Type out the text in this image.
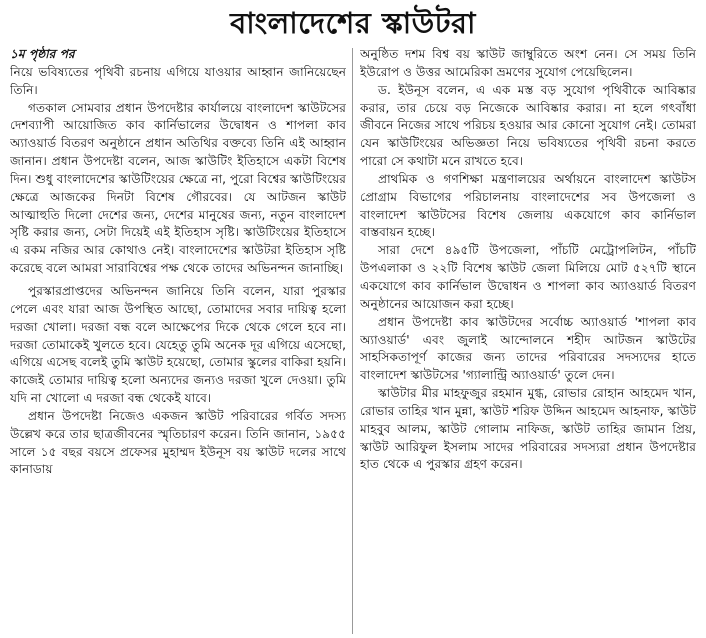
বাংলাদেশের স্কাউটরা
১ম পৃষ্ঠার পর

নিয়ে ভবিষ্যতের পৃথিবী রচনায় এগিয়ে যাওয়ার আহ্বান জানিয়েছেন তিনি।

গতকাল সোমবার প্রধান উপদেষ্টার কার্যালয়ে বাংলাদেশ স্কাউটসের দেশব্যাপী আয়োজিত কাব কার্নিভালের উদ্বোধন ও শাপলা কাব অ্যাওয়ার্ড বিতরণ অনুষ্ঠানে প্রধান অতিথির বক্তব্যে তিনি এই আহ্বান জানান। প্রধান উপদেষ্টা বলেন, আজ স্কাউটিং ইতিহাসে একটা বিশেষ দিন। শুধু বাংলাদেশের স্কাউটিংয়ের ক্ষেত্রে না, পুরো বিশ্বের স্কাউটিংয়ের ক্ষেত্রে আজকের দিনটা বিশেষ গৌরবের। যে আটজন স্কাউট আত্মাহুতি দিলো দেশের জন্য, দেশের মানুষের জন্য, নতুন বাংলাদেশ সৃষ্টি করার জন্য, সেটা দিয়েই এই ইতিহাস সৃষ্টি। স্কাউটিংয়ের ইতিহাসে এ রকম নজির আর কোথাও নেই। বাংলাদেশের স্কাউটরা ইতিহাস সৃষ্টি করেছে বলে আমরা সারাবিশ্বের পক্ষ থেকে তাদের অভিনন্দন জানাচ্ছি।

পুরস্কারপ্রাপ্তদের অভিনন্দন জানিয়ে তিনি বলেন, যারা পুরস্কার পেলে এবং যারা আজ উপস্থিত আছো, তোমাদের সবার দায়িত্ব হলো দরজা খোলা। দরজা বন্ধ বলে আক্ষেপের দিকে থেকে গেলে হবে না। দরজা তোমাকেই খুলতে হবে। যেহেতু তুমি অনেক দূর এগিয়ে এসেছো, এগিয়ে এসেছ বলেই তুমি স্কাউট হয়েছো, তোমার স্কুলের বাকিরা হয়নি। কাজেই তোমার দায়িত্ব হলো অন্যদের জন্যও দরজা খুলে দেওয়া। তুমি যদি না খোলো এ দরজা বন্ধ থেকেই যাবে।

প্রধান উপদেষ্টা নিজেও একজন স্কাউট পরিবারের গর্বিত সদস্য উল্লেখ করে তার ছাত্রজীবনের স্মৃতিচারণ করেন। তিনি জানান, ১৯৫৫ সালে ১৫ বছর বয়সে প্রফেসর মুহাম্মদ ইউনূস বয় স্কাউট দলের সাথে কানাডায়

অনুষ্ঠিত দশম বিশ্ব বয় স্কাউট জাম্বুরিতে অংশ নেন। সে সময় তিনি ইউরোপ ও উত্তর আমেরিকা ভ্রমণের সুযোগ পেয়েছিলেন।

ড. ইউনূস বলেন, এ এক মস্ত বড় সুযোগ পৃথিবীকে আবিষ্কার করার, তার চেয়ে বড় নিজেকে আবিষ্কার করার। না হলে গৎবাঁধা জীবনে নিজের সাথে পরিচয় হওয়ার আর কোনো সুযোগ নেই। তোমরা যেন স্কাউটিংয়ের অভিজ্ঞতা নিয়ে ভবিষ্যতের পৃথিবী রচনা করতে পারো সে কথাটা মনে রাখতে হবে।

প্রাথমিক ও গণশিক্ষা মন্ত্রণালয়ের অর্থায়নে বাংলাদেশ স্কাউটস প্রোগ্রাম বিভাগের পরিচালনায় বাংলাদেশের সব উপজেলা ও বাংলাদেশ স্কাউটসের বিশেষ জেলায় একযোগে কাব কার্নিভাল বাস্তবায়ন হচ্ছে।

সারা দেশে ৪৯৫টি উপজেলা, পাঁচটি মেট্রোপলিটন, পাঁচটি উপএলাকা ও ২২টি বিশেষ স্কাউট জেলা মিলিয়ে মোট ৫২৭টি স্থানে একযোগে কাব কার্নিভাল উদ্বোধন ও শাপলা কাব অ্যাওয়ার্ড বিতরণ অনুষ্ঠানের আয়োজন করা হচ্ছে।

প্রধান উপদেষ্টা কাব স্কাউটদের সর্বোচ্চ অ্যাওয়ার্ড 'শাপলা কাব অ্যাওয়ার্ড' এবং জুলাই আন্দোলনে শহীদ আটজন স্কাউটের সাহসিকতাপূর্ণ কাজের জন্য তাদের পরিবারের সদস্যদের হাতে বাংলাদেশ স্কাউটসের 'গ্যালান্ট্রি অ্যাওয়ার্ড' তুলে দেন।

স্কাউটার মীর মাহফুজুর রহমান মুগ্ধ, রোভার রোহান আহমেদ খান, রোভার তাহির খান মুন্না, স্কাউট শরিফ উদ্দিন আহমেদ আহনাফ, স্কাউট মাহবুব আলম, স্কাউট গোলাম নাফিজ, স্কাউট তাহির জামান প্রিয়, স্কাউট আরিফুল ইসলাম সাদের পরিবারের সদস্যরা প্রধান উপদেষ্টার হাত থেকে এ পুরস্কার গ্রহণ করেন।
